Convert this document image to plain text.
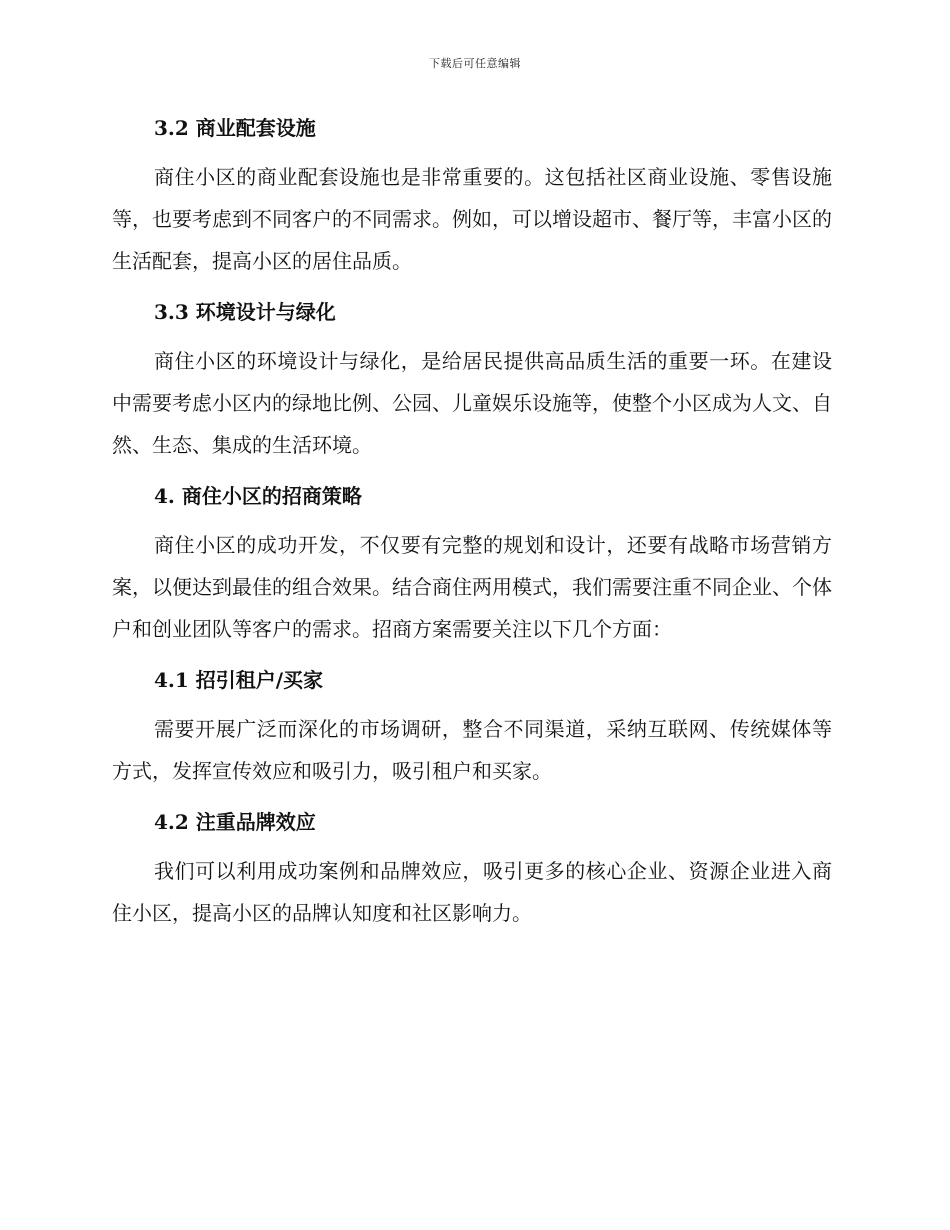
下载后可任意编辑
3.2 商业配套设施

商住小区的商业配套设施也是非常重要的。这包括社区商业设施、零售设施等，也要考虑到不同客户的不同需求。例如，可以增设超市、餐厅等，丰富小区的生活配套，提高小区的居住品质。

3.3 环境设计与绿化

商住小区的环境设计与绿化，是给居民提供高品质生活的重要一环。在建设中需要考虑小区内的绿地比例、公园、儿童娱乐设施等，使整个小区成为人文、自然、生态、集成的生活环境。

4. 商住小区的招商策略

商住小区的成功开发，不仅要有完整的规划和设计，还要有战略市场营销方案，以便达到最佳的组合效果。结合商住两用模式，我们需要注重不同企业、个体户和创业团队等客户的需求。招商方案需要关注以下几个方面：

4.1 招引租户/买家

需要开展广泛而深化的市场调研，整合不同渠道，采纳互联网、传统媒体等方式，发挥宣传效应和吸引力，吸引租户和买家。

4.2 注重品牌效应

我们可以利用成功案例和品牌效应，吸引更多的核心企业、资源企业进入商住小区，提高小区的品牌认知度和社区影响力。
